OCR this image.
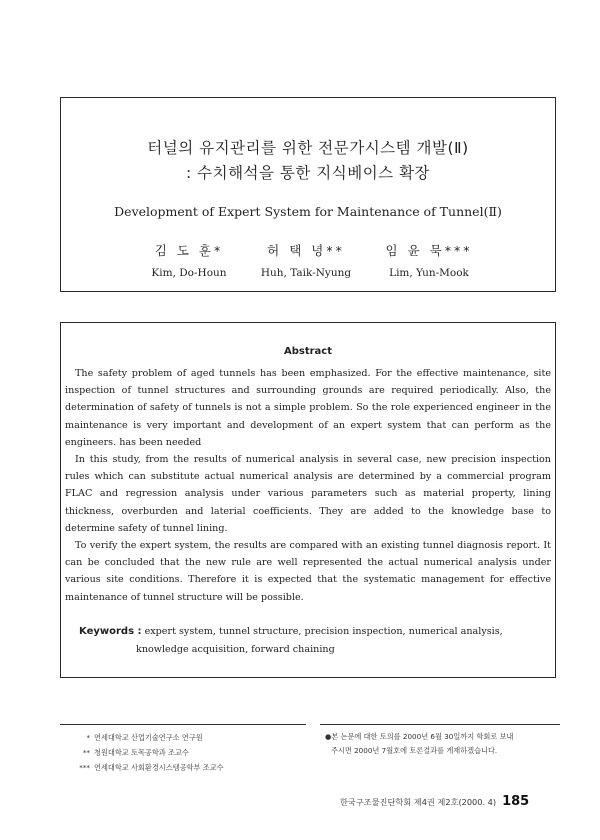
터널의 유지관리를 위한 전문가시스템 개발(Ⅱ)
: 수치해석을 통한 지식베이스 확장
Development of Expert System for Maintenance of Tunnel(Ⅱ)
김 도 훈*
Kim, Do-Houn
허 택 녕**
Huh, Taik-Nyung
임 윤 묵***
Lim, Yun-Mook
Abstract

The safety problem of aged tunnels has been emphasized. For the effective maintenance, site inspection of tunnel structures and surrounding grounds are required periodically. Also, the determination of safety of tunnels is not a simple problem. So the role experienced engineer in the maintenance is very important and development of an expert system that can perform as the engineers. has been needed

In this study, from the results of numerical analysis in several case, new precision inspection rules which can substitute actual numerical analysis are determined by a commercial program FLAC and regression analysis under various parameters such as material property, lining thickness, overburden and laterial coefficients. They are added to the knowledge base to determine safety of tunnel lining.

To verify the expert system, the results are compared with an existing tunnel diagnosis report. It can be concluded that the new rule are well represented the actual numerical analysis under various site conditions. Therefore it is expected that the systematic management for effective maintenance of tunnel structure will be possible.

Keywords : expert system, tunnel structure, precision inspection, numerical analysis,
knowledge acquisition, forward chaining
* 연세대학교 산업기술연구소 연구원
** 청원대학교 토목공학과 조교수
*** 연세대학교 사회환경시스템공학부 조교수
●본 논문에 대한 토의를 2000년 6월 30일까지 학회로 보내
주시면 2000년 7월호에 토론결과를 게재하겠습니다.
한국구조물진단학회 제4권 제2호(2000. 4) 185
